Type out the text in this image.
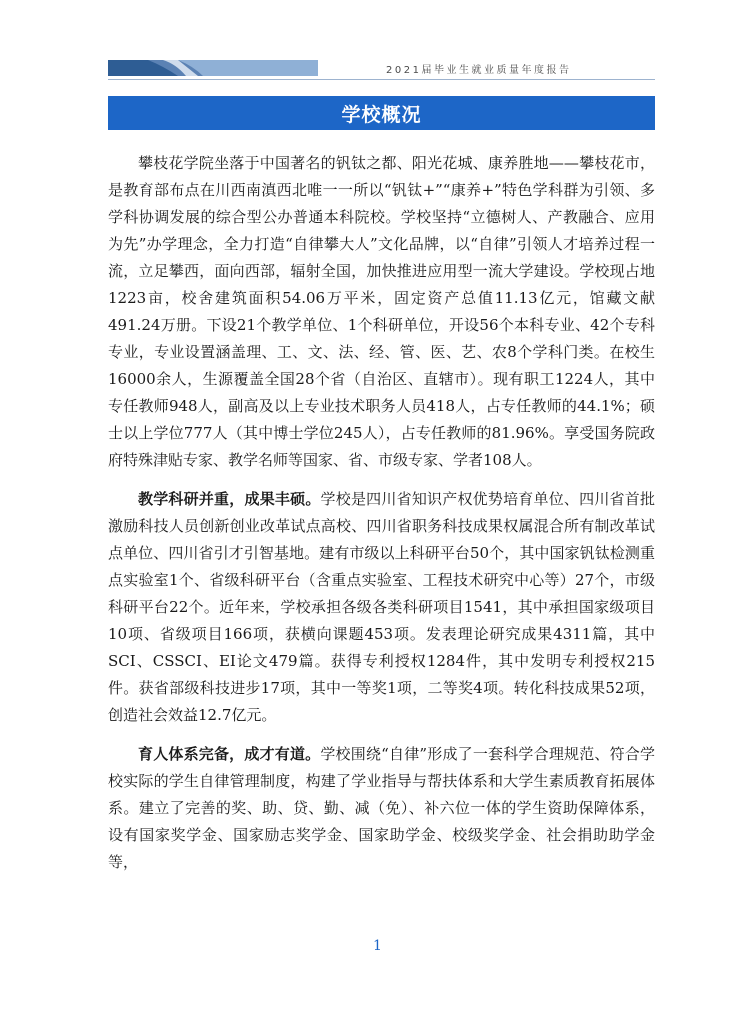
2021届毕业生就业质量年度报告
学校概况

攀枝花学院坐落于中国著名的钒钛之都、阳光花城、康养胜地——攀枝花市，是教育部布点在川西南滇西北唯一一所以“钒钛+”“康养+”特色学科群为引领、多学科协调发展的综合型公办普通本科院校。学校坚持“立德树人、产教融合、应用为先”办学理念，全力打造“自律攀大人”文化品牌，以“自律”引领人才培养过程一流，立足攀西，面向西部，辐射全国，加快推进应用型一流大学建设。学校现占地1223亩，校舍建筑面积54.06万平米，固定资产总值11.13亿元，馆藏文献491.24万册。下设21个教学单位、1个科研单位，开设56个本科专业、42个专科专业，专业设置涵盖理、工、文、法、经、管、医、艺、农8个学科门类。在校生16000余人，生源覆盖全国28个省（自治区、直辖市）。现有职工1224人，其中专任教师948人，副高及以上专业技术职务人员418人，占专任教师的44.1%；硕士以上学位777人（其中博士学位245人），占专任教师的81.96%。享受国务院政府特殊津贴专家、教学名师等国家、省、市级专家、学者108人。

教学科研并重，成果丰硕。学校是四川省知识产权优势培育单位、四川省首批激励科技人员创新创业改革试点高校、四川省职务科技成果权属混合所有制改革试点单位、四川省引才引智基地。建有市级以上科研平台50个，其中国家钒钛检测重点实验室1个、省级科研平台（含重点实验室、工程技术研究中心等）27个，市级科研平台22个。近年来，学校承担各级各类科研项目1541，其中承担国家级项目10项、省级项目166项，获横向课题453项。发表理论研究成果4311篇，其中SCI、CSSCI、EI论文479篇。获得专利授权1284件，其中发明专利授权215件。获省部级科技进步17项，其中一等奖1项，二等奖4项。转化科技成果52项，创造社会效益12.7亿元。

育人体系完备，成才有道。学校围绕“自律”形成了一套科学合理规范、符合学校实际的学生自律管理制度，构建了学业指导与帮扶体系和大学生素质教育拓展体系。建立了完善的奖、助、贷、勤、减（免）、补六位一体的学生资助保障体系，设有国家奖学金、国家励志奖学金、国家助学金、校级奖学金、社会捐助助学金等，

1
